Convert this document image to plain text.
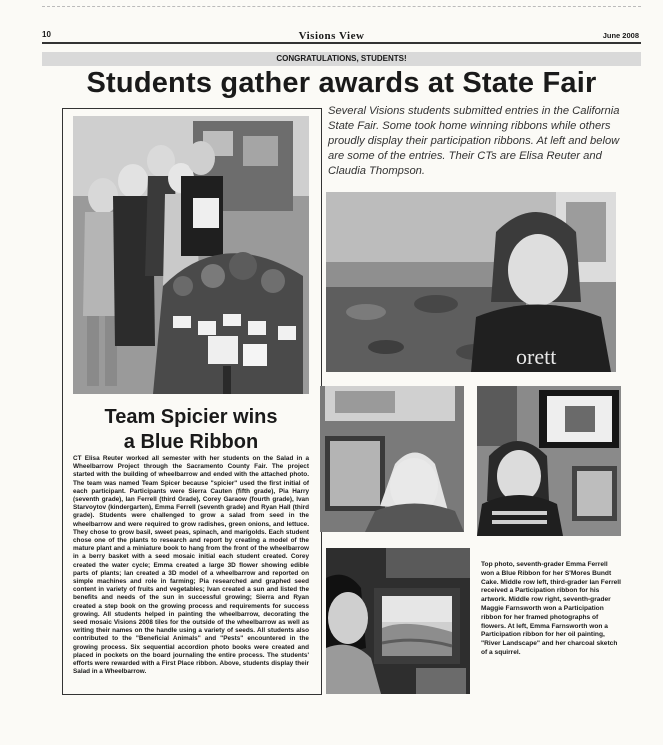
10	Visions View	June 2008
CONGRATULATIONS, STUDENTS!
Students gather awards at State Fair
Team Spicier wins
a Blue Ribbon
CT Elisa Reuter worked all semester with her students on the Salad in a Wheelbarrow Project through the Sacramento County Fair. The project started with the building of wheelbarrow and ended with the attached photo. The team was named Team Spicer because "spicier" used the first initial of each participant. Participants were Sierra Cauten (fifth grade), Pia Harry (seventh grade), Ian Ferrell (third Grade), Corey Garaow (fourth grade), Ivan Starvoytov (kindergarten), Emma Ferrell (seventh grade) and Ryan Hall (third grade). Students were challenged to grow a salad from seed in the wheelbarrow and were required to grow radishes, green onions, and lettuce. They chose to grow basil, sweet peas, spinach, and marigolds. Each student chose one of the plants to research and report by creating a model of the mature plant and a miniature book to hang from the front of the wheelbarrow in a berry basket with a seed mosaic initial each student created. Corey created the water cycle; Emma created a large 3D flower showing edible parts of plants; Ian created a 3D model of a wheelbarrow and reported on simple machines and role in farming; Pia researched and graphed seed content in variety of fruits and vegetables; Ivan created a sun and listed the benefits and needs of the sun in successful growing; Sierra and Ryan created a step book on the growing process and requirements for success growing. All students helped in painting the wheelbarrow, decorating the seed mosaic Visions 2008 tiles for the outside of the wheelbarrow as well as writing their names on the handle using a variety of seeds. All students also contributed to the "Beneficial Animals" and "Pests" encountered in the growing process. Six sequential accordion photo books were created and placed in pockets on the board journaling the entire process. The students' efforts were rewarded with a First Place ribbon. Above, students display their Salad in a Wheelbarrow.
Several Visions students submitted entries in the California State Fair. Some took home winning ribbons while others proudly display their participation ribbons. At left and below are some of the entries. Their CTs are Elisa Reuter and Claudia Thompson.
orett
Top photo, seventh-grader Emma Ferrell won a Blue Ribbon for her S'Mores Bundt Cake. Middle row left, third-grader Ian Ferrell received a Participation ribbon for his artwork. Middle row right, seventh-grader Maggie Farnsworth won a Participation ribbon for her framed photographs of flowers. At left, Emma Farnsworth won a Participation ribbon for her oil painting, "River Landscape" and her charcoal sketch of a squirrel.
